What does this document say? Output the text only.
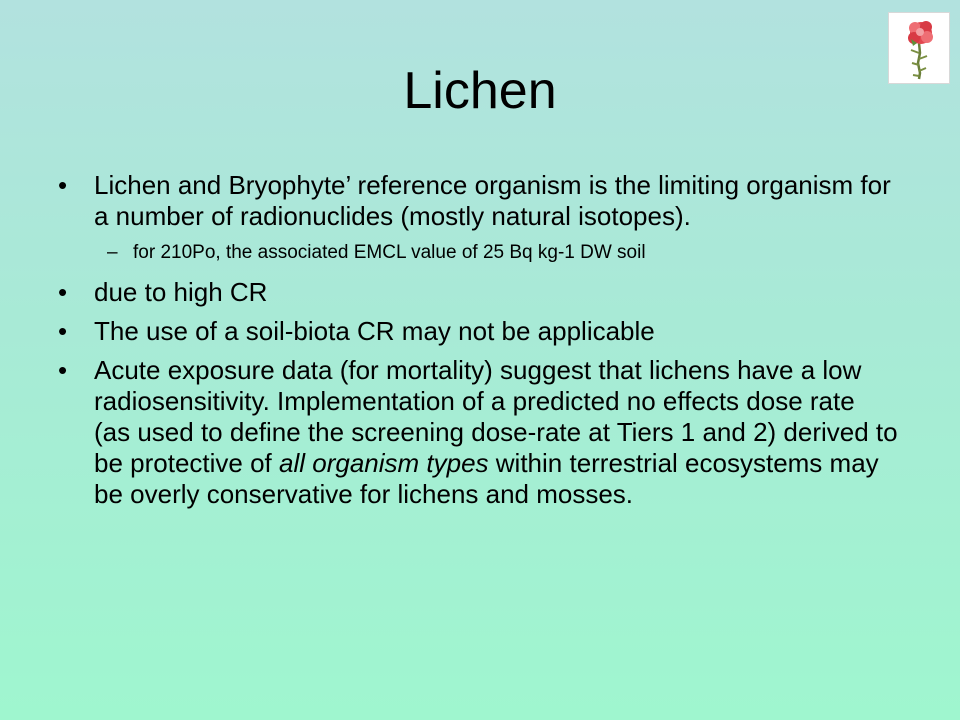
Lichen
• Lichen and Bryophyte’ reference organism is the limiting organism for a number of radionuclides (mostly natural isotopes).
– for 210Po, the associated EMCL value of 25 Bq kg-1 DW soil
• due to high CR
• The use of a soil-biota CR may not be applicable
• Acute exposure data (for mortality) suggest that lichens have a low radiosensitivity. Implementation of a predicted no effects dose rate (as used to define the screening dose-rate at Tiers 1 and 2) derived to be protective of all organism types within terrestrial ecosystems may be overly conservative for lichens and mosses.
